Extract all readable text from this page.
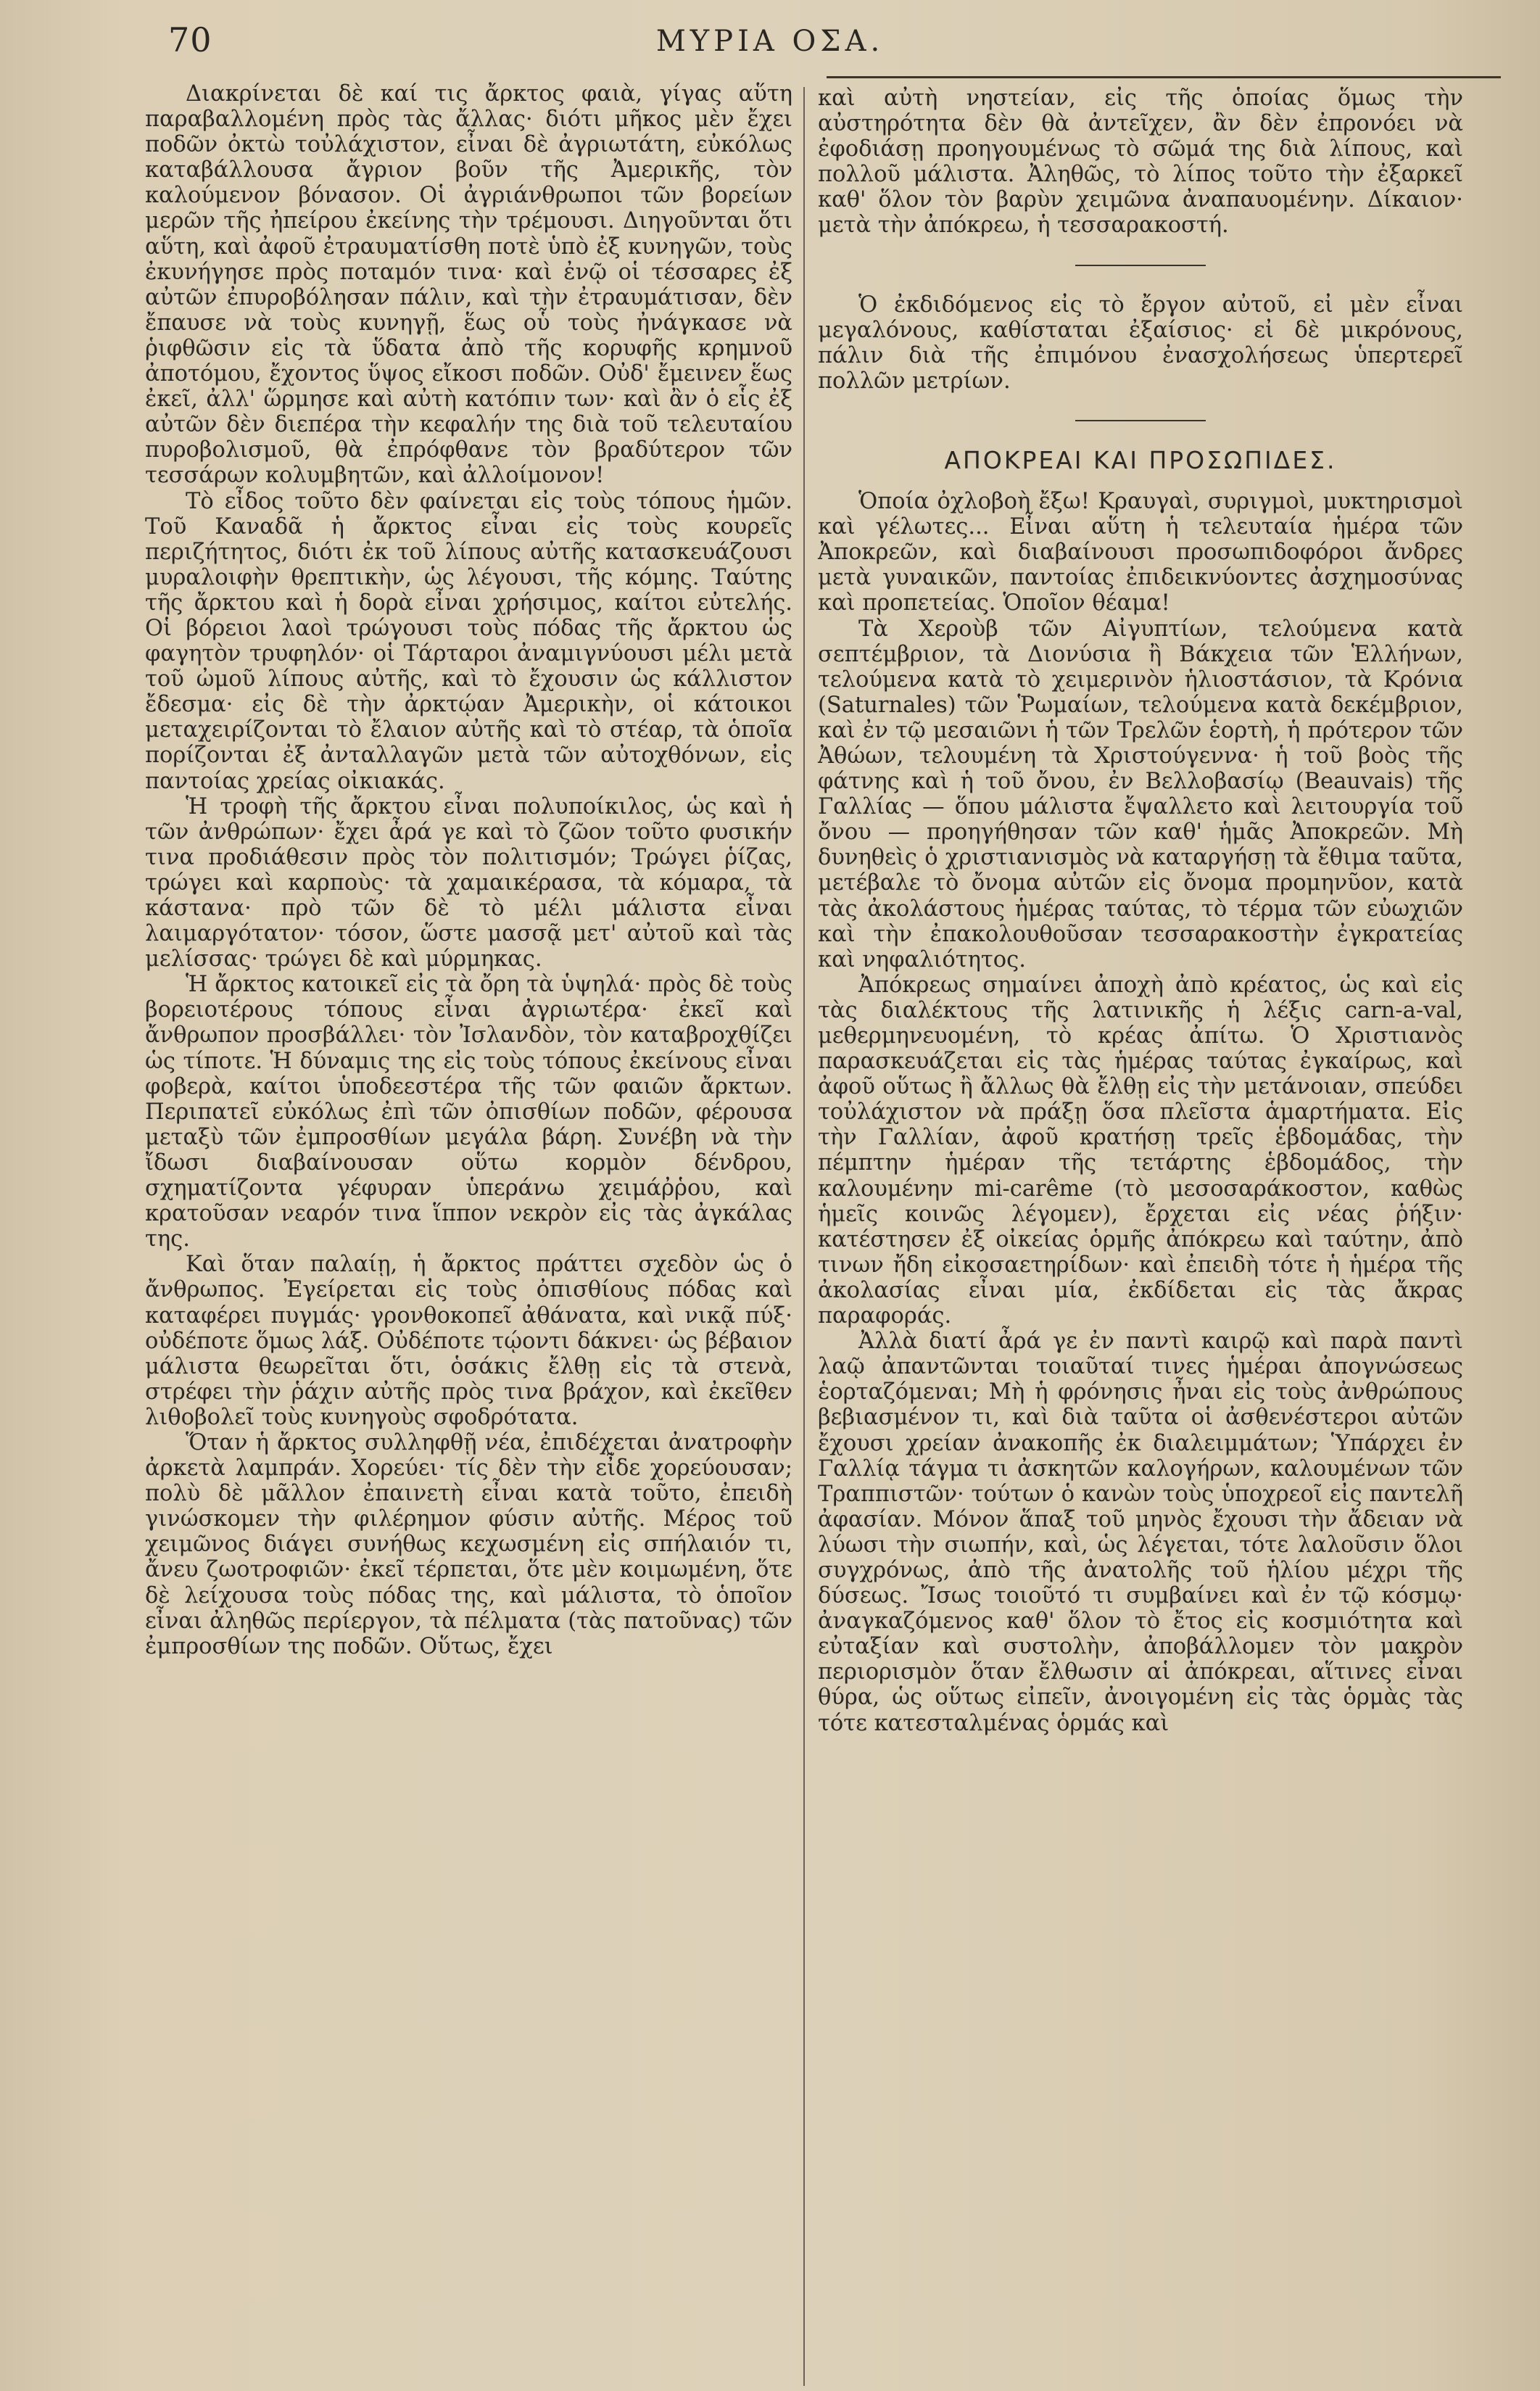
70	ΜΥΡΙΑ ΟΣΑ.

Διακρίνεται δὲ καί τις ἄρκτος φαιὰ, γίγας αὕτη παραβαλλομένη πρὸς τὰς ἄλλας· διότι μῆκος μὲν ἔχει ποδῶν ὀκτὼ τοὐλάχιστον, εἶναι δὲ ἀγριωτάτη, εὐκόλως καταβάλλουσα ἄγριον βοῦν τῆς Ἀμερικῆς, τὸν καλούμενον βόνασον. Οἱ ἀγριάνθρωποι τῶν βορείων μερῶν τῆς ἠπείρου ἐκείνης τὴν τρέμουσι. Διηγοῦνται ὅτι αὕτη, καὶ ἀφοῦ ἐτραυματίσθη ποτὲ ὑπὸ ἐξ κυνηγῶν, τοὺς ἐκυνήγησε πρὸς ποταμόν τινα· καὶ ἐνῷ οἱ τέσσαρες ἐξ αὐτῶν ἐπυροβόλησαν πάλιν, καὶ τὴν ἐτραυμάτισαν, δὲν ἔπαυσε νὰ τοὺς κυνηγῇ, ἕως οὗ τοὺς ἠνάγκασε νὰ ῥιφθῶσιν εἰς τὰ ὕδατα ἀπὸ τῆς κορυφῆς κρημνοῦ ἀποτόμου, ἔχοντος ὕψος εἴκοσι ποδῶν. Οὐδ' ἔμεινεν ἕως ἐκεῖ, ἀλλ' ὥρμησε καὶ αὐτὴ κατόπιν των· καὶ ἂν ὁ εἷς ἐξ αὐτῶν δὲν διεπέρα τὴν κεφαλήν της διὰ τοῦ τελευταίου πυροβολισμοῦ, θὰ ἐπρόφθανε τὸν βραδύτερον τῶν τεσσάρων κολυμβητῶν, καὶ ἀλλοίμονον!

Τὸ εἶδος τοῦτο δὲν φαίνεται εἰς τοὺς τόπους ἡμῶν. Τοῦ Καναδᾶ ἡ ἄρκτος εἶναι εἰς τοὺς κουρεῖς περιζήτητος, διότι ἐκ τοῦ λίπους αὐτῆς κατασκευάζουσι μυραλοιφὴν θρεπτικὴν, ὡς λέγουσι, τῆς κόμης. Ταύτης τῆς ἄρκτου καὶ ἡ δορὰ εἶναι χρήσιμος, καίτοι εὐτελής. Οἱ βόρειοι λαοὶ τρώγουσι τοὺς πόδας τῆς ἄρκτου ὡς φαγητὸν τρυφηλόν· οἱ Τάρταροι ἀναμιγνύουσι μέλι μετὰ τοῦ ὠμοῦ λίπους αὐτῆς, καὶ τὸ ἔχουσιν ὡς κάλλιστον ἔδεσμα· εἰς δὲ τὴν ἀρκτῴαν Ἀμερικὴν, οἱ κάτοικοι μεταχειρίζονται τὸ ἔλαιον αὐτῆς καὶ τὸ στέαρ, τὰ ὁποῖα πορίζονται ἐξ ἀνταλλαγῶν μετὰ τῶν αὐτοχθόνων, εἰς παντοίας χρείας οἰκιακάς.

Ἡ τροφὴ τῆς ἄρκτου εἶναι πολυποίκιλος, ὡς καὶ ἡ τῶν ἀνθρώπων· ἔχει ἆρά γε καὶ τὸ ζῶον τοῦτο φυσικήν τινα προδιάθεσιν πρὸς τὸν πολιτισμόν; Τρώγει ῥίζας, τρώγει καὶ καρποὺς· τὰ χαμαικέρασα, τὰ κόμαρα, τὰ κάστανα· πρὸ τῶν δὲ τὸ μέλι μάλιστα εἶναι λαιμαργότατον· τόσον, ὥστε μασσᾷ μετ' αὐτοῦ καὶ τὰς μελίσσας· τρώγει δὲ καὶ μύρμηκας.

Ἡ ἄρκτος κατοικεῖ εἰς τὰ ὄρη τὰ ὑψηλά· πρὸς δὲ τοὺς βορειοτέρους τόπους εἶναι ἀγριωτέρα· ἐκεῖ καὶ ἄνθρωπον προσβάλλει· τὸν Ἰσλανδὸν, τὸν καταβροχθίζει ὡς τίποτε. Ἡ δύναμις της εἰς τοὺς τόπους ἐκείνους εἶναι φοβερὰ, καίτοι ὑποδεεστέρα τῆς τῶν φαιῶν ἄρκτων. Περιπατεῖ εὐκόλως ἐπὶ τῶν ὀπισθίων ποδῶν, φέρουσα μεταξὺ τῶν ἐμπροσθίων μεγάλα βάρη. Συνέβη νὰ τὴν ἴδωσι διαβαίνουσαν οὕτω κορμὸν δένδρου, σχηματίζοντα γέφυραν ὑπεράνω χειμάῤῥου, καὶ κρατοῦσαν νεαρόν τινα ἵππον νεκρὸν εἰς τὰς ἀγκάλας της.

Καὶ ὅταν παλαίῃ, ἡ ἄρκτος πράττει σχεδὸν ὡς ὁ ἄνθρωπος. Ἐγείρεται εἰς τοὺς ὀπισθίους πόδας καὶ καταφέρει πυγμάς· γρονθοκοπεῖ ἀθάνατα, καὶ νικᾷ πύξ· οὐδέποτε ὅμως λάξ. Οὐδέποτε τῴοντι δάκνει· ὡς βέβαιον μάλιστα θεωρεῖται ὅτι, ὁσάκις ἔλθῃ εἰς τὰ στενὰ, στρέφει τὴν ῥάχιν αὐτῆς πρὸς τινα βράχον, καὶ ἐκεῖθεν λιθοβολεῖ τοὺς κυνηγοὺς σφοδρότατα.

Ὅταν ἡ ἄρκτος συλληφθῇ νέα, ἐπιδέχεται ἀνατροφὴν ἀρκετὰ λαμπράν. Χορεύει· τίς δὲν τὴν εἶδε χορεύουσαν; πολὺ δὲ μᾶλλον ἐπαινετὴ εἶναι κατὰ τοῦτο, ἐπειδὴ γινώσκομεν τὴν φιλέρημον φύσιν αὐτῆς. Μέρος τοῦ χειμῶνος διάγει συνήθως κεχωσμένη εἰς σπήλαιόν τι, ἄνευ ζωοτροφιῶν· ἐκεῖ τέρπεται, ὅτε μὲν κοιμωμένη, ὅτε δὲ λείχουσα τοὺς πόδας της, καὶ μάλιστα, τὸ ὁποῖον εἶναι ἀληθῶς περίεργον, τὰ πέλματα (τὰς πατοῦνας) τῶν ἐμπροσθίων της ποδῶν. Οὕτως, ἔχει

καὶ αὐτὴ νηστείαν, εἰς τῆς ὁποίας ὅμως τὴν αὐστηρότητα δὲν θὰ ἀντεῖχεν, ἂν δὲν ἐπρονόει νὰ ἐφοδιάσῃ προηγουμένως τὸ σῶμά της διὰ λίπους, καὶ πολλοῦ μάλιστα. Ἀληθῶς, τὸ λίπος τοῦτο τὴν ἐξαρκεῖ καθ' ὅλον τὸν βαρὺν χειμῶνα ἀναπαυομένην. Δίκαιον· μετὰ τὴν ἀπόκρεω, ἡ τεσσαρακοστή.

Ὁ ἐκδιδόμενος εἰς τὸ ἔργον αὐτοῦ, εἰ μὲν εἶναι μεγαλόνους, καθίσταται ἐξαίσιος· εἰ δὲ μικρόνους, πάλιν διὰ τῆς ἐπιμόνου ἐνασχολήσεως ὑπερτερεῖ πολλῶν μετρίων.

ΑΠΟΚΡΕΑΙ ΚΑΙ ΠΡΟΣΩΠΙΔΕΣ.

Ὁποία ὀχλοβοὴ ἔξω! Κραυγαὶ, συριγμοὶ, μυκτηρισμοὶ καὶ γέλωτες... Εἶναι αὕτη ἡ τελευταία ἡμέρα τῶν Ἀποκρεῶν, καὶ διαβαίνουσι προσωπιδοφόροι ἄνδρες μετὰ γυναικῶν, παντοίας ἐπιδεικνύοντες ἀσχημοσύνας καὶ προπετείας. Ὁποῖον θέαμα!

Τὰ Χεροὺβ τῶν Αἰγυπτίων, τελούμενα κατὰ σεπτέμβριον, τὰ Διονύσια ἢ Βάκχεια τῶν Ἑλλήνων, τελούμενα κατὰ τὸ χειμερινὸν ἡλιοστάσιον, τὰ Κρόνια (Saturnales) τῶν Ῥωμαίων, τελούμενα κατὰ δεκέμβριον, καὶ ἐν τῷ μεσαιῶνι ἡ τῶν Τρελῶν ἑορτὴ, ἡ πρότερον τῶν Ἀθώων, τελουμένη τὰ Χριστούγεννα· ἡ τοῦ βοὸς τῆς φάτνης καὶ ἡ τοῦ ὄνου, ἐν Βελλοβασίῳ (Beauvais) τῆς Γαλλίας — ὅπου μάλιστα ἔψαλλετο καὶ λειτουργία τοῦ ὄνου — προηγήθησαν τῶν καθ' ἡμᾶς Ἀποκρεῶν. Μὴ δυνηθεὶς ὁ χριστιανισμὸς νὰ καταργήσῃ τὰ ἔθιμα ταῦτα, μετέβαλε τὸ ὄνομα αὐτῶν εἰς ὄνομα προμηνῦον, κατὰ τὰς ἀκολάστους ἡμέρας ταύτας, τὸ τέρμα τῶν εὐωχιῶν καὶ τὴν ἐπακολουθοῦσαν τεσσαρακοστὴν ἐγκρατείας καὶ νηφαλιότητος.

Ἀπόκρεως σημαίνει ἀποχὴ ἀπὸ κρέατος, ὡς καὶ εἰς τὰς διαλέκτους τῆς λατινικῆς ἡ λέξις carn-a-val, μεθερμηνευομένη, τὸ κρέας ἀπίτω. Ὁ Χριστιανὸς παρασκευάζεται εἰς τὰς ἡμέρας ταύτας ἐγκαίρως, καὶ ἀφοῦ οὕτως ἢ ἄλλως θὰ ἔλθῃ εἰς τὴν μετάνοιαν, σπεύδει τοὐλάχιστον νὰ πράξῃ ὅσα πλεῖστα ἁμαρτήματα. Εἰς τὴν Γαλλίαν, ἀφοῦ κρατήσῃ τρεῖς ἑβδομάδας, τὴν πέμπτην ἡμέραν τῆς τετάρτης ἑβδομάδος, τὴν καλουμένην mi-carême (τὸ μεσοσαράκοστον, καθὼς ἡμεῖς κοινῶς λέγομεν), ἔρχεται εἰς νέας ῥήξιν· κατέστησεν ἐξ οἰκείας ὁρμῆς ἀπόκρεω καὶ ταύτην, ἀπὸ τινων ἤδη εἰκοσαετηρίδων· καὶ ἐπειδὴ τότε ἡ ἡμέρα τῆς ἀκολασίας εἶναι μία, ἐκδίδεται εἰς τὰς ἄκρας παραφοράς.

Ἀλλὰ διατί ἆρά γε ἐν παντὶ καιρῷ καὶ παρὰ παντὶ λαῷ ἀπαντῶνται τοιαῦταί τινες ἡμέραι ἀπογνώσεως ἑορταζόμεναι; Μὴ ἡ φρόνησις ἦναι εἰς τοὺς ἀνθρώπους βεβιασμένον τι, καὶ διὰ ταῦτα οἱ ἀσθενέστεροι αὐτῶν ἔχουσι χρείαν ἀνακοπῆς ἐκ διαλειμμάτων; Ὑπάρχει ἐν Γαλλίᾳ τάγμα τι ἀσκητῶν καλογήρων, καλουμένων τῶν Τραππιστῶν· τούτων ὁ κανὼν τοὺς ὑποχρεοῖ εἰς παντελῆ ἀφασίαν. Μόνον ἅπαξ τοῦ μηνὸς ἔχουσι τὴν ἄδειαν νὰ λύωσι τὴν σιωπήν, καὶ, ὡς λέγεται, τότε λαλοῦσιν ὅλοι συγχρόνως, ἀπὸ τῆς ἀνατολῆς τοῦ ἡλίου μέχρι τῆς δύσεως. Ἴσως τοιοῦτό τι συμβαίνει καὶ ἐν τῷ κόσμῳ· ἀναγκαζόμενος καθ' ὅλον τὸ ἔτος εἰς κοσμιότητα καὶ εὐταξίαν καὶ συστολὴν, ἀποβάλλομεν τὸν μακρὸν περιορισμὸν ὅταν ἔλθωσιν αἱ ἀπόκρεαι, αἵτινες εἶναι θύρα, ὡς οὕτως εἰπεῖν, ἀνοιγομένη εἰς τὰς ὁρμὰς τὰς τότε κατεσταλμένας ὁρμάς καὶ
